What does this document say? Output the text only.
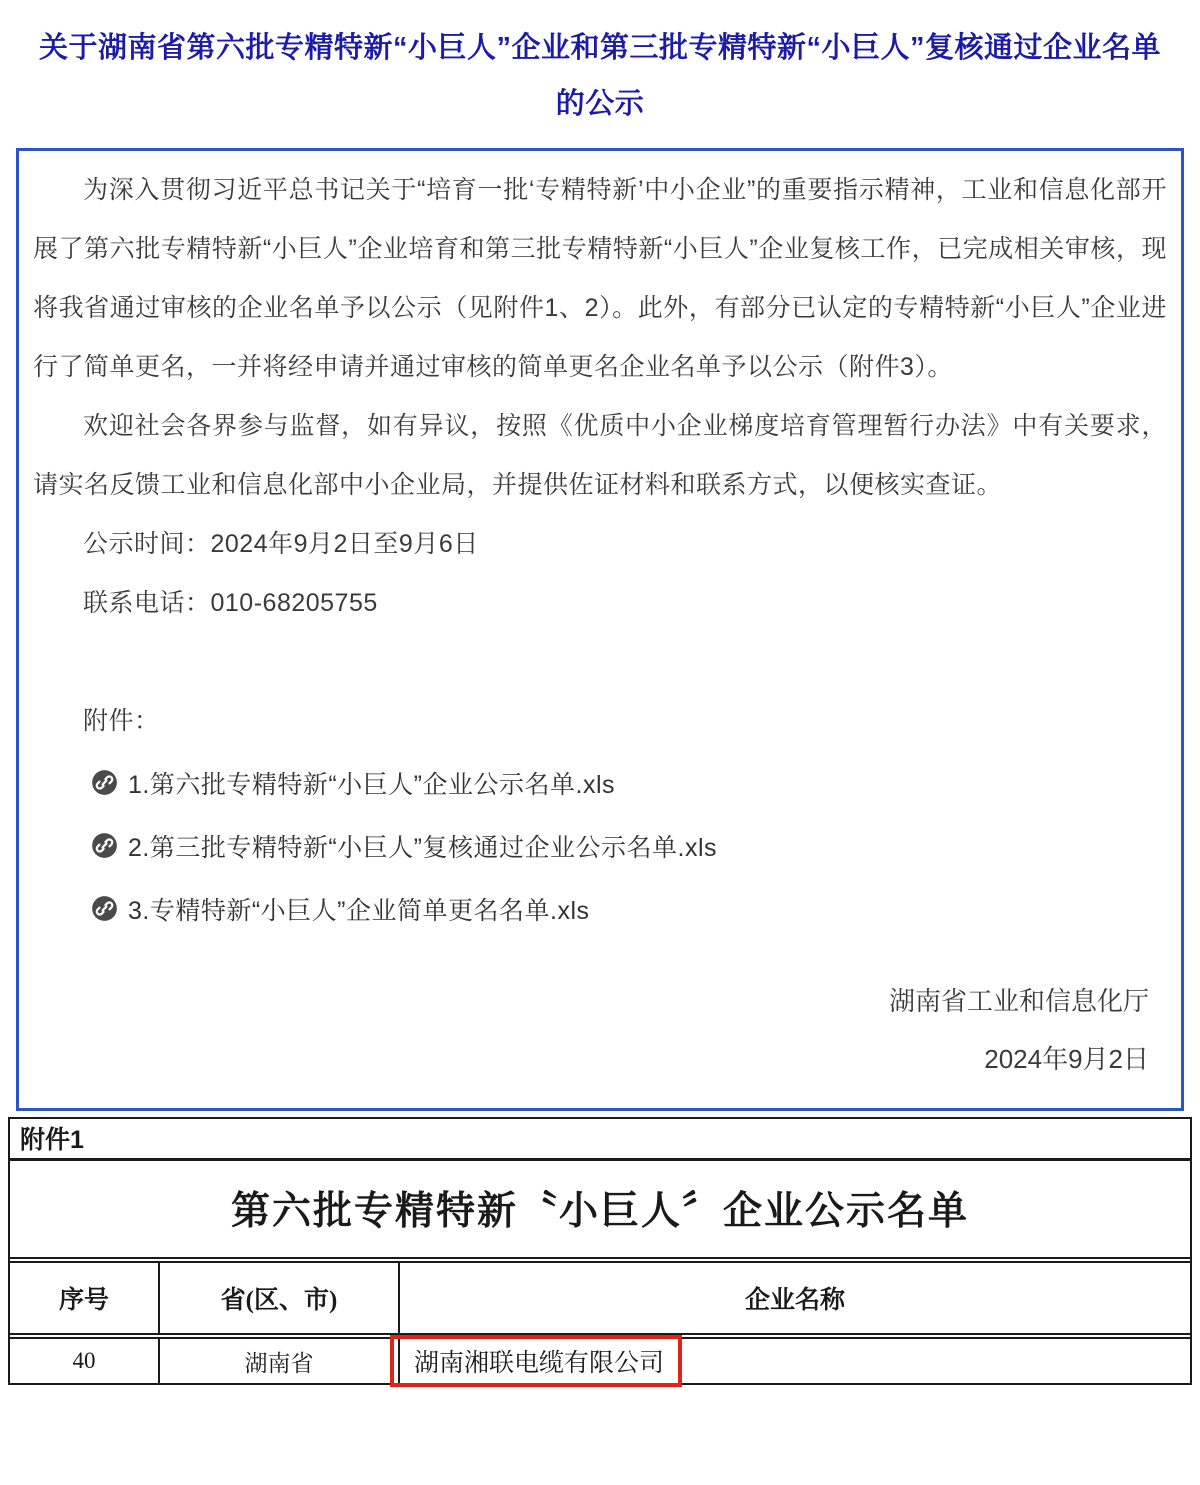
关于湖南省第六批专精特新“小巨人”企业和第三批专精特新“小巨人”复核通过企业名单
的公示

为深入贯彻习近平总书记关于“培育一批‘专精特新’中小企业”的重要指示精神，工业和信息化部开展了第六批专精特新“小巨人”企业培育和第三批专精特新“小巨人”企业复核工作，已完成相关审核，现将我省通过审核的企业名单予以公示（见附件1、2）。此外，有部分已认定的专精特新“小巨人”企业进行了简单更名，一并将经申请并通过审核的简单更名企业名单予以公示（附件3）。

欢迎社会各界参与监督，如有异议，按照《优质中小企业梯度培育管理暂行办法》中有关要求，请实名反馈工业和信息化部中小企业局，并提供佐证材料和联系方式，以便核实查证。

公示时间：2024年9月2日至9月6日

联系电话：010-68205755

附件：

1.第六批专精特新“小巨人”企业公示名单.xls
2.第三批专精特新“小巨人”复核通过企业公示名单.xls
3.专精特新“小巨人”企业简单更名名单.xls
湖南省工业和信息化厅
2024年9月2日
附件1
第六批专精特新〝小巨人〞企业公示名单
序号	省(区、市)	企业名称
40	湖南省	湖南湘联电缆有限公司
